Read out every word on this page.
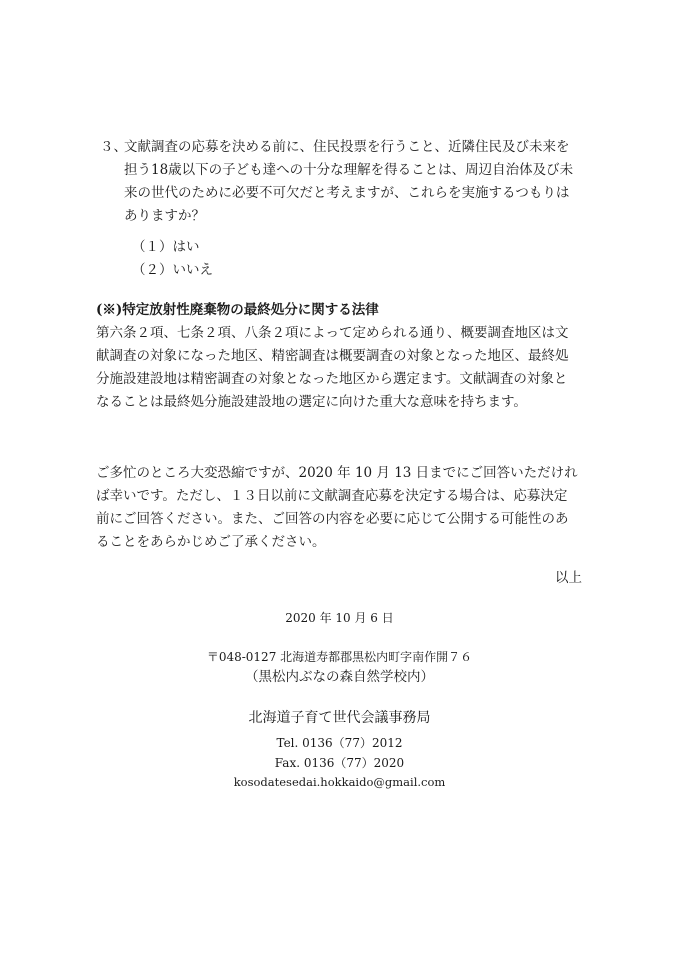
３、
文献調査の応募を決める前に、住民投票を行うこと、近隣住民及び未来を
担う18歳以下の子ども達への十分な理解を得ることは、周辺自治体及び未
来の世代のために必要不可欠だと考えますが、これらを実施するつもりは
ありますか？
（１）はい
（２）いいえ
(※)特定放射性廃棄物の最終処分に関する法律
第六条２項、七条２項、八条２項によって定められる通り、概要調査地区は文
献調査の対象になった地区、精密調査は概要調査の対象となった地区、最終処
分施設建設地は精密調査の対象となった地区から選定ます。文献調査の対象と
なることは最終処分施設建設地の選定に向けた重大な意味を持ちます。
ご多忙のところ大変恐縮ですが、2020 年 10 月 13 日までにご回答いただけれ
ば幸いです。ただし、１３日以前に文献調査応募を決定する場合は、応募決定
前にご回答ください。また、ご回答の内容を必要に応じて公開する可能性のあ
ることをあらかじめご了承ください。
以上
2020 年 10 月 6 日
〒048-0127 北海道寿都郡黒松内町字南作開７６
（黒松内ぶなの森自然学校内）
北海道子育て世代会議事務局
Tel. 0136（77）2012
Fax. 0136（77）2020
kosodatesedai.hokkaido@gmail.com
